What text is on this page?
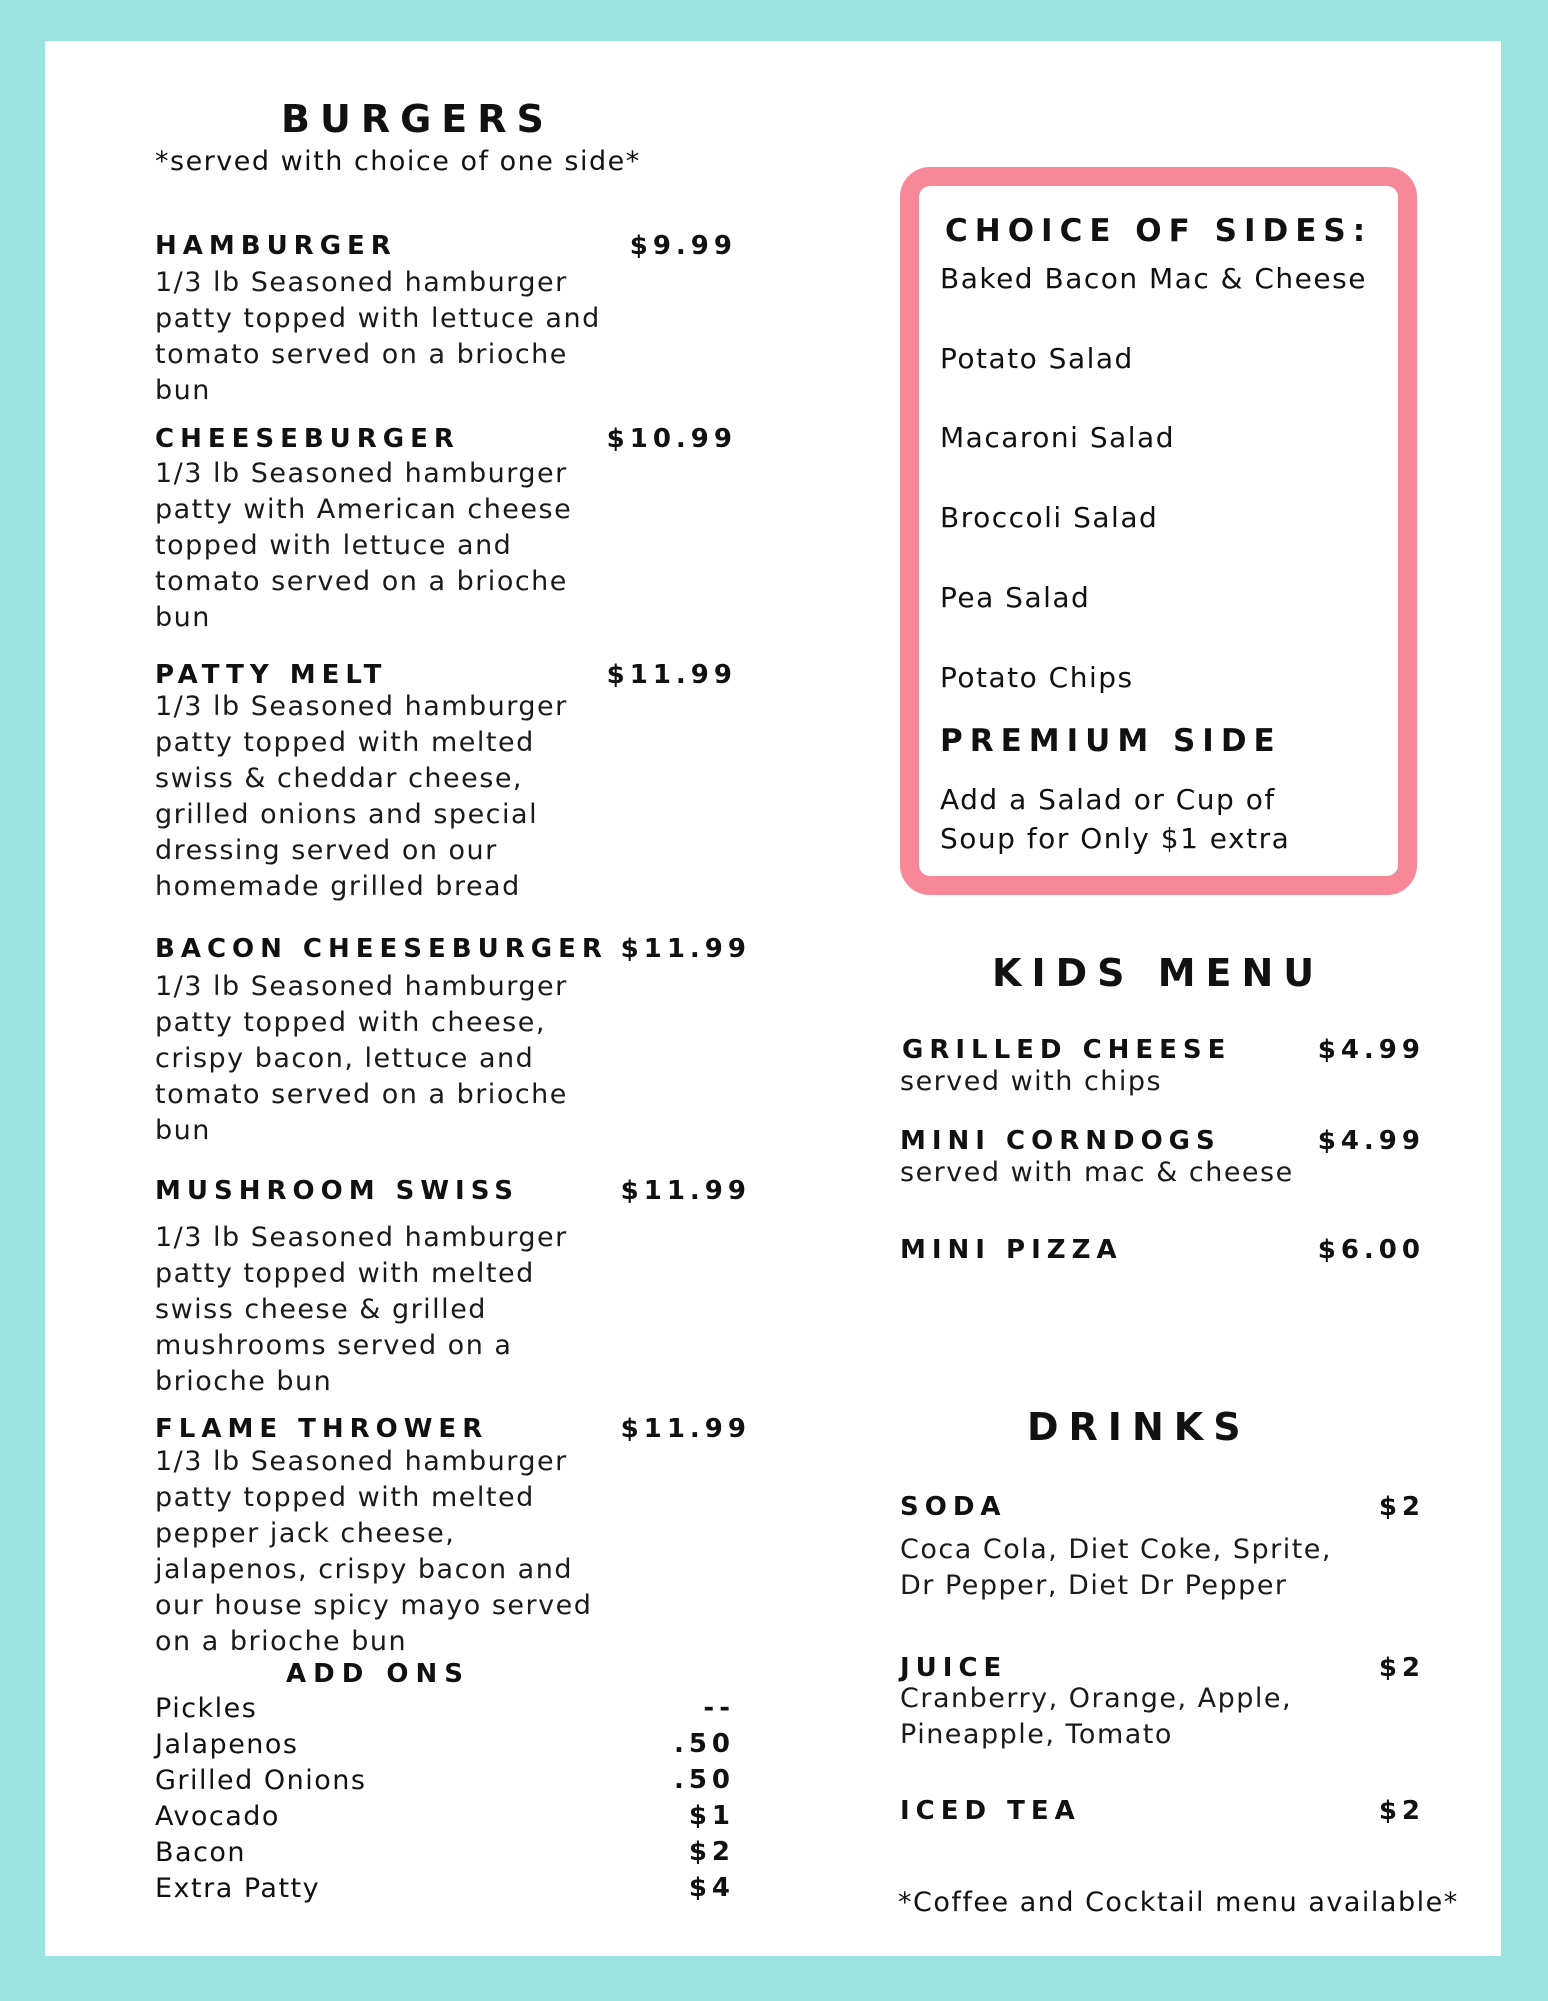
BURGERS
*served with choice of one side*
HAMBURGER	$9.99
1/3 lb Seasoned hamburger
patty topped with lettuce and
tomato served on a brioche
bun
CHEESEBURGER	$10.99
1/3 lb Seasoned hamburger
patty with American cheese
topped with lettuce and
tomato served on a brioche
bun
PATTY MELT	$11.99
1/3 lb Seasoned hamburger
patty topped with melted
swiss & cheddar cheese,
grilled onions and special
dressing served on our
homemade grilled bread
BACON CHEESEBURGER $11.99
1/3 lb Seasoned hamburger
patty topped with cheese,
crispy bacon, lettuce and
tomato served on a brioche
bun
MUSHROOM SWISS	$11.99
1/3 lb Seasoned hamburger
patty topped with melted
swiss cheese & grilled
mushrooms served on a
brioche bun
FLAME THROWER	$11.99
1/3 lb Seasoned hamburger
patty topped with melted
pepper jack cheese,
jalapenos, crispy bacon and
our house spicy mayo served
on a brioche bun
ADD ONS
Pickles	--
Jalapenos	.50
Grilled Onions	.50
Avocado	$1
Bacon	$2
Extra Patty	$4
CHOICE OF SIDES:
Baked Bacon Mac & Cheese
Potato Salad
Macaroni Salad
Broccoli Salad
Pea Salad
Potato Chips
PREMIUM SIDE
Add a Salad or Cup of
Soup for Only $1 extra
KIDS MENU
GRILLED CHEESE	$4.99
served with chips
MINI CORNDOGS	$4.99
served with mac & cheese
MINI PIZZA	$6.00
DRINKS
SODA	$2
Coca Cola, Diet Coke, Sprite,
Dr Pepper, Diet Dr Pepper
JUICE	$2
Cranberry, Orange, Apple,
Pineapple, Tomato
ICED TEA	$2
*Coffee and Cocktail menu available*
